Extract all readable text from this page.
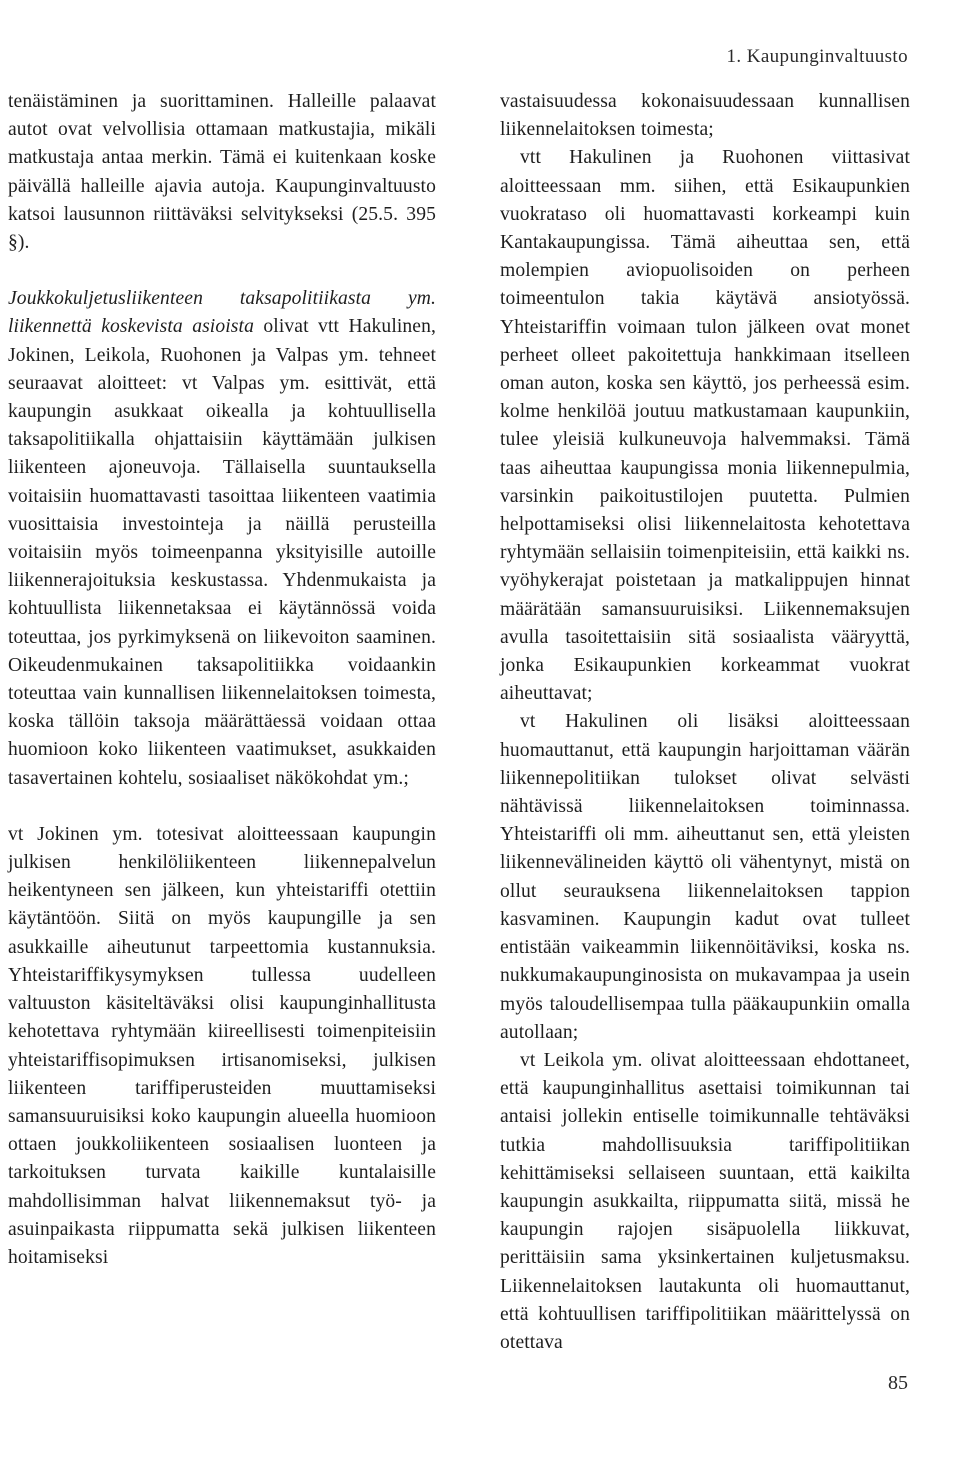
1. Kaupunginvaltuusto

tenäistäminen ja suorittaminen. Halleille palaavat autot ovat velvollisia ottamaan matkustajia, mikäli matkustaja antaa merkin. Tämä ei kuitenkaan koske päivällä halleille ajavia autoja. Kaupunginvaltuusto katsoi lausunnon riittäväksi selvitykseksi (25.5. 395 §).

Joukkokuljetusliikenteen taksapolitiikasta ym. liikennettä koskevista asioista olivat vtt Hakulinen, Jokinen, Leikola, Ruohonen ja Valpas ym. tehneet seuraavat aloitteet: vt Valpas ym. esittivät, että kaupungin asukkaat oikealla ja kohtuullisella taksapolitiikalla ohjattaisiin käyttämään julkisen liikenteen ajoneuvoja. Tällaisella suuntauksella voitaisiin huomattavasti tasoittaa liikenteen vaatimia vuosittaisia investointeja ja näillä perusteilla voitaisiin myös toimeenpanna yksityisille autoille liikennerajoituksia keskustassa. Yhdenmukaista ja kohtuullista liikennetaksaa ei käytännössä voida toteuttaa, jos pyrkimyksenä on liikevoiton saaminen. Oikeudenmukainen taksapolitiikka voidaankin toteuttaa vain kunnallisen liikennelaitoksen toimesta, koska tällöin taksoja määrättäessä voidaan ottaa huomioon koko liikenteen vaatimukset, asukkaiden tasavertainen kohtelu, sosiaaliset näkökohdat ym.;

vt Jokinen ym. totesivat aloitteessaan kaupungin julkisen henkilöliikenteen liikennepalvelun heikentyneen sen jälkeen, kun yhteistariffi otettiin käytäntöön. Siitä on myös kaupungille ja sen asukkaille aiheutunut tarpeettomia kustannuksia. Yhteistariffikysymyksen tullessa uudelleen valtuuston käsiteltäväksi olisi kaupunginhallitusta kehotettava ryhtymään kiireellisesti toimenpiteisiin yhteistariffisopimuksen irtisanomiseksi, julkisen liikenteen tariffiperusteiden muuttamiseksi samansuuruisiksi koko kaupungin alueella huomioon ottaen joukkoliikenteen sosiaalisen luonteen ja tarkoituksen turvata kaikille kuntalaisille mahdollisimman halvat liikennemaksut työ- ja asuinpaikasta riippumatta sekä julkisen liikenteen hoitamiseksi

vastaisuudessa kokonaisuudessaan kunnallisen liikennelaitoksen toimesta;

vtt Hakulinen ja Ruohonen viittasivat aloitteessaan mm. siihen, että Esikaupunkien vuokrataso oli huomattavasti korkeampi kuin Kantakaupungissa. Tämä aiheuttaa sen, että molempien aviopuolisoiden on perheen toimeentulon takia käytävä ansiotyössä. Yhteistariffin voimaan tulon jälkeen ovat monet perheet olleet pakoitettuja hankkimaan itselleen oman auton, koska sen käyttö, jos perheessä esim. kolme henkilöä joutuu matkustamaan kaupunkiin, tulee yleisiä kulkuneuvoja halvemmaksi. Tämä taas aiheuttaa kaupungissa monia liikennepulmia, varsinkin paikoitustilojen puutetta. Pulmien helpottamiseksi olisi liikennelaitosta kehotettava ryhtymään sellaisiin toimenpiteisiin, että kaikki ns. vyöhykerajat poistetaan ja matkalippujen hinnat määrätään samansuuruisiksi. Liikennemaksujen avulla tasoitettaisiin sitä sosiaalista vääryyttä, jonka Esikaupunkien korkeammat vuokrat aiheuttavat;

vt Hakulinen oli lisäksi aloitteessaan huomauttanut, että kaupungin harjoittaman väärän liikennepolitiikan tulokset olivat selvästi nähtävissä liikennelaitoksen toiminnassa. Yhteistariffi oli mm. aiheuttanut sen, että yleisten liikennevälineiden käyttö oli vähentynyt, mistä on ollut seurauksena liikennelaitoksen tappion kasvaminen. Kaupungin kadut ovat tulleet entistään vaikeammin liikennöitäviksi, koska ns. nukkumakaupunginosista on mukavampaa ja usein myös taloudellisempaa tulla pääkaupunkiin omalla autollaan;

vt Leikola ym. olivat aloitteessaan ehdottaneet, että kaupunginhallitus asettaisi toimikunnan tai antaisi jollekin entiselle toimikunnalle tehtäväksi tutkia mahdollisuuksia tariffipolitiikan kehittämiseksi sellaiseen suuntaan, että kaikilta kaupungin asukkailta, riippumatta siitä, missä he kaupungin rajojen sisäpuolella liikkuvat, perittäisiin sama yksinkertainen kuljetusmaksu. Liikennelaitoksen lautakunta oli huomauttanut, että kohtuullisen tariffipolitiikan määrittelyssä on otettava

85
